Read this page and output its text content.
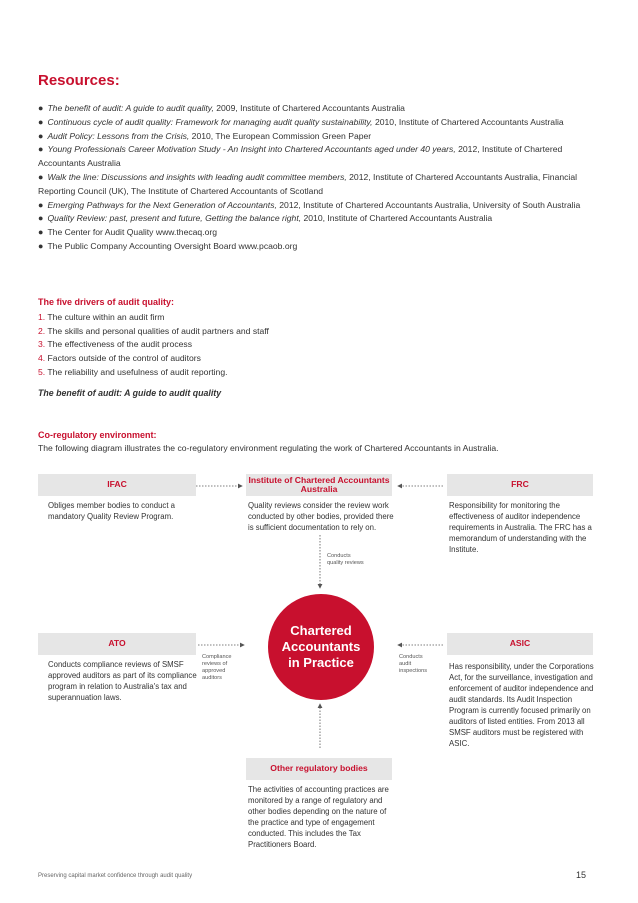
Resources:

● The benefit of audit: A guide to audit quality, 2009, Institute of Chartered Accountants Australia

● Continuous cycle of audit quality: Framework for managing audit quality sustainability, 2010, Institute of Chartered Accountants Australia

● Audit Policy: Lessons from the Crisis, 2010, The European Commission Green Paper

● Young Professionals Career Motivation Study - An Insight into Chartered Accountants aged under 40 years, 2012, Institute of Chartered Accountants Australia

● Walk the line: Discussions and insights with leading audit committee members, 2012, Institute of Chartered Accountants Australia, Financial Reporting Council (UK), The Institute of Chartered Accountants of Scotland

● Emerging Pathways for the Next Generation of Accountants, 2012, Institute of Chartered Accountants Australia, University of South Australia

● Quality Review: past, present and future, Getting the balance right, 2010, Institute of Chartered Accountants Australia

● The Center for Audit Quality www.thecaq.org

● The Public Company Accounting Oversight Board www.pcaob.org

The five drivers of audit quality:
1. The culture within an audit firm
2. The skills and personal qualities of audit partners and staff
3. The effectiveness of the audit process
4. Factors outside of the control of auditors
5. The reliability and usefulness of audit reporting.
The benefit of audit: A guide to audit quality
Co-regulatory environment:
The following diagram illustrates the co-regulatory environment regulating the work of Chartered Accountants in Australia.
IFAC
Obliges member bodies to conduct a mandatory Quality Review Program.
Institute of Chartered Accountants Australia
Quality reviews consider the review work conducted by other bodies, provided there is sufficient documentation to rely on.
Conducts quality reviews
FRC
Responsibility for monitoring the effectiveness of auditor independence requirements in Australia. The FRC has a memorandum of understanding with the Institute.
Chartered
Accountants
in Practice
ATO
Conducts compliance reviews of SMSF approved auditors as part of its compliance program in relation to Australia's tax and superannuation laws.
Compliance reviews of approved auditors
ASIC
Has responsibility, under the Corporations Act, for the surveillance, investigation and enforcement of auditor independence and audit standards. Its Audit Inspection Program is currently focused primarily on auditors of listed entities. From 2013 all SMSF auditors must be registered with ASIC.
Conducts audit inspections
Other regulatory bodies
The activities of accounting practices are monitored by a range of regulatory and other bodies depending on the nature of the practice and type of engagement conducted. This includes the Tax Practitioners Board.
Preserving capital market confidence through audit quality	15
